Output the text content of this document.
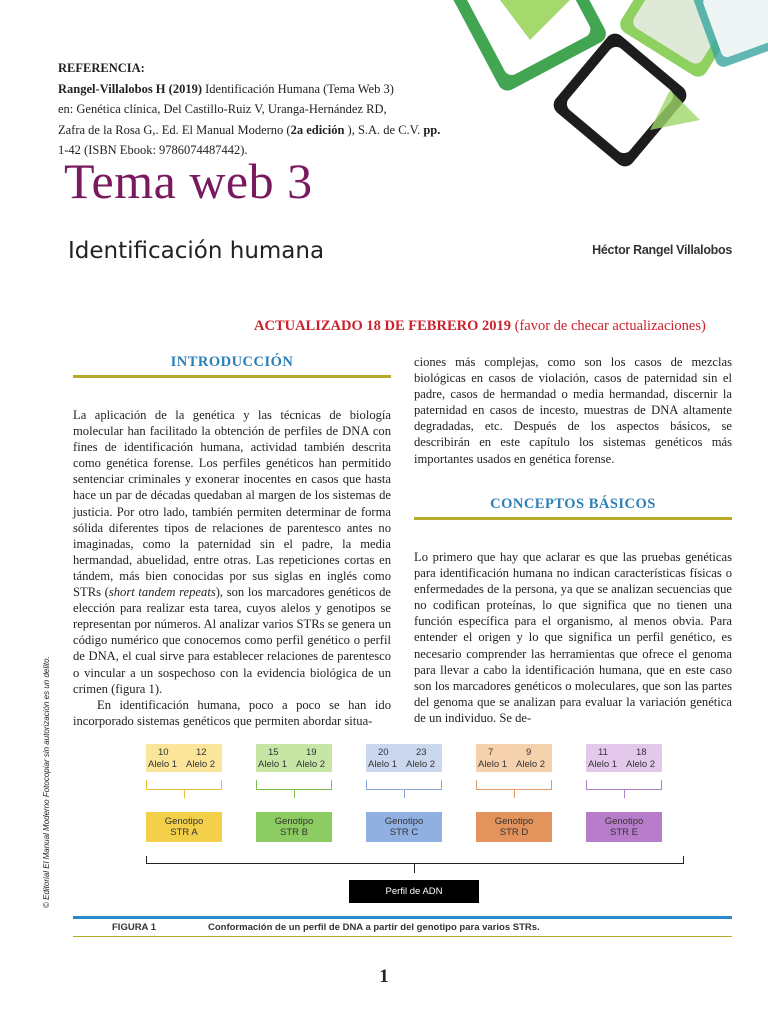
REFERENCIA:
Rangel-Villalobos H (2019) Identificación Humana (Tema Web 3)
en: Genética clínica, Del Castillo-Ruiz V, Uranga-Hernández RD,
Zafra de la Rosa G,. Ed. El Manual Moderno (2a edición ), S.A. de C.V. pp.
1-42 (ISBN Ebook: 9786074487442).
Tema web 3
Identificación humana	Héctor Rangel Villalobos
ACTUALIZADO 18 DE FEBRERO 2019 (favor de checar actualizaciones)
INTRODUCCIÓN

La aplicación de la genética y las técnicas de biología molecular han facilitado la obtención de perfiles de DNA con fines de identificación humana, actividad también descrita como genética forense. Los perfiles genéticos han permitido sentenciar criminales y exonerar inocentes en casos que hasta hace un par de décadas quedaban al margen de los sistemas de justicia. Por otro lado, también permiten determinar de forma sólida diferentes tipos de relaciones de parentesco antes no imaginadas, como la paternidad sin el padre, la media hermandad, abuelidad, entre otras. Las repeticiones cortas en tándem, más bien conocidas por sus siglas en inglés como STRs (short tandem repeats), son los marcadores genéticos de elección para realizar esta tarea, cuyos alelos y genotipos se representan por números. Al analizar varios STRs se genera un código numérico que conocemos como perfil genético o perfil de DNA, el cual sirve para establecer relaciones de parentesco o vincular a un sospechoso con la evidencia biológica de un crimen (figura 1).

En identificación humana, poco a poco se han ido incorporado sistemas genéticos que permiten abordar situa-

ciones más complejas, como son los casos de mezclas biológicas en casos de violación, casos de paternidad sin el padre, casos de hermandad o media hermandad, discernir la paternidad en casos de incesto, muestras de DNA altamente degradadas, etc. Después de los aspectos básicos, se describirán en este capítulo los sistemas genéticos más importantes usados en genética forense.

CONCEPTOS BÁSICOS

Lo primero que hay que aclarar es que las pruebas genéticas para identificación humana no indican características físicas o enfermedades de la persona, ya que se analizan secuencias que no codifican proteínas, lo que significa que no tienen una función específica para el organismo, al menos obvia. Para entender el origen y lo que significa un perfil genético, es necesario comprender las herramientas que ofrece el genoma para llevar a cabo la identificación humana, que en este caso son los marcadores genéticos o moleculares, que son las partes del genoma que se analizan para evaluar la variación genética de un individuo. Se de-

© Editorial El Manual Moderno Fotocopiar sin autorización es un delito.	10	12
Alelo 1 Alelo 2
Genotipo
STR A
15	19
Alelo 1 Alelo 2
Genotipo
STR B
20	23
Alelo 1 Alelo 2
Genotipo
STR C
7	9
Alelo 1 Alelo 2
Genotipo
STR D
11	18
Alelo 1 Alelo 2
Genotipo
STR E
Perfil de ADN
FIGURA 1	Conformación de un perfil de DNA a partir del genotipo para varios STRs.
1
